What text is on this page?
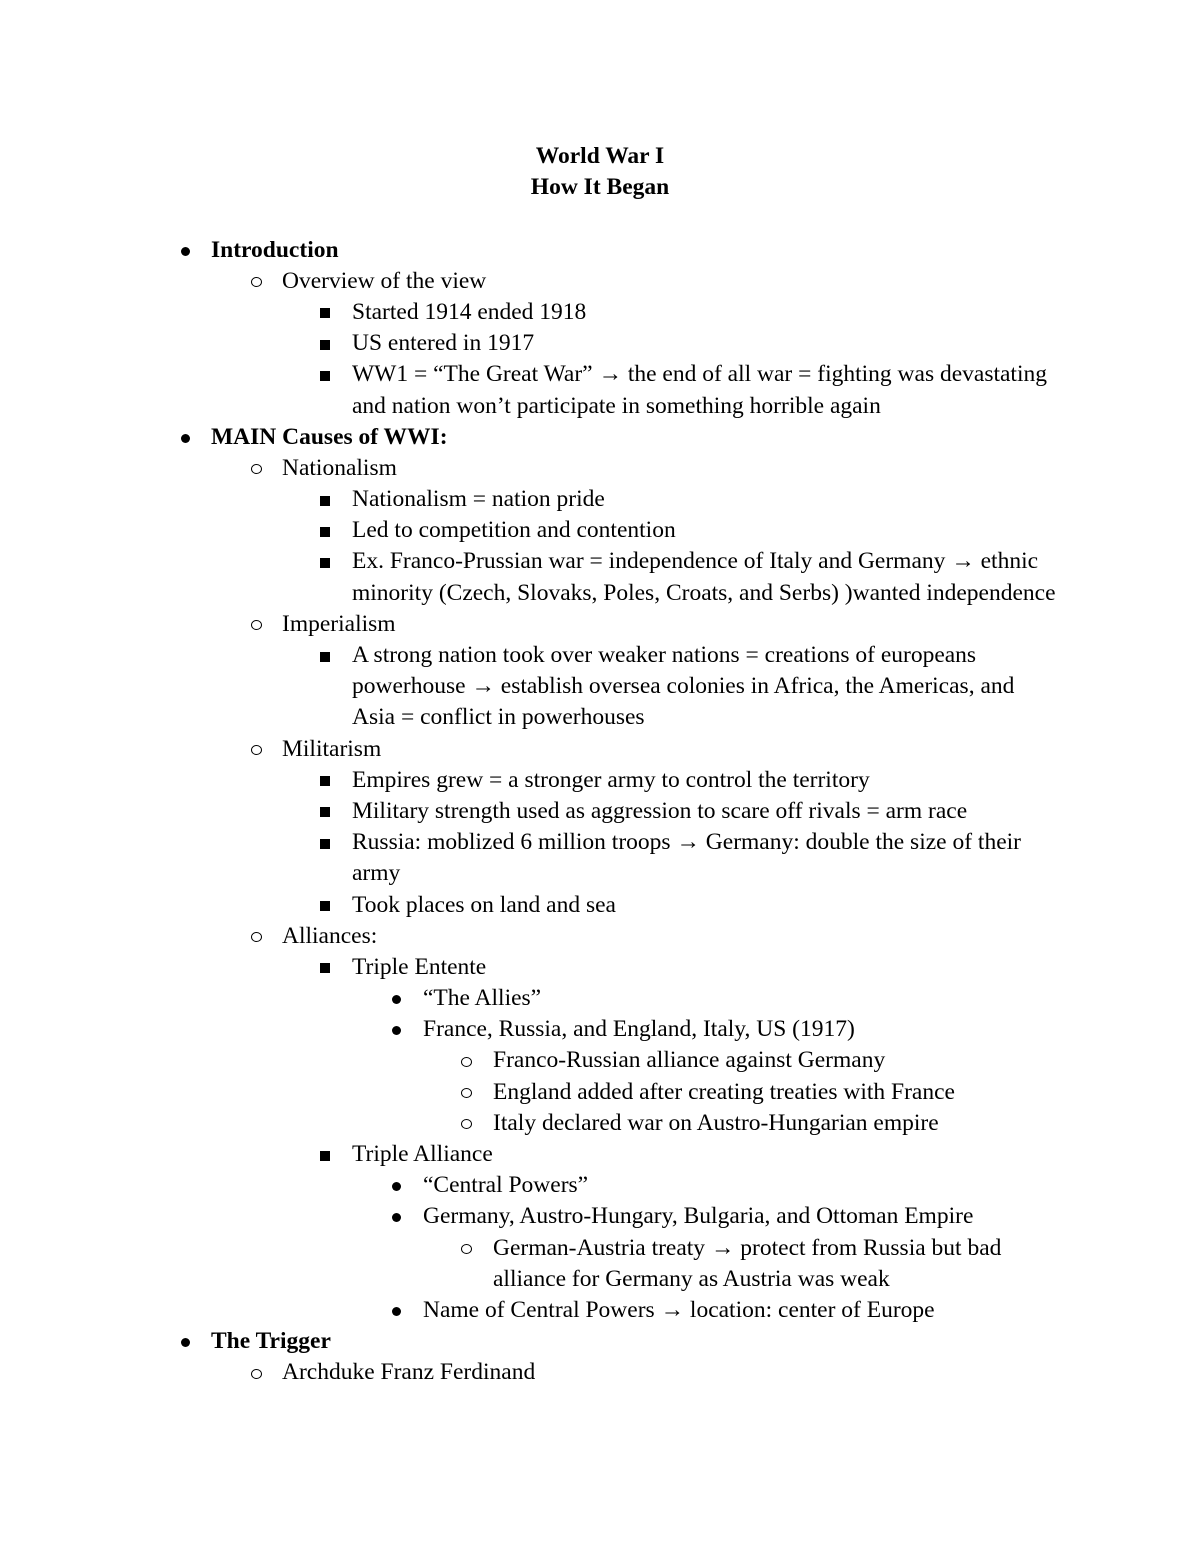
World War I
How It Began
Introduction
Overview of the view
Started 1914 ended 1918
US entered in 1917
WW1 = “The Great War” → the end of all war = fighting was devastating
and nation won’t participate in something horrible again
MAIN Causes of WWI:
Nationalism
Nationalism = nation pride
Led to competition and contention
Ex. Franco-Prussian war = independence of Italy and Germany → ethnic
minority (Czech, Slovaks, Poles, Croats, and Serbs) )wanted independence
Imperialism
A strong nation took over weaker nations = creations of europeans
powerhouse → establish oversea colonies in Africa, the Americas, and
Asia = conflict in powerhouses
Militarism
Empires grew = a stronger army to control the territory
Military strength used as aggression to scare off rivals = arm race
Russia: moblized 6 million troops → Germany: double the size of their
army
Took places on land and sea
Alliances:
Triple Entente
“The Allies”
France, Russia, and England, Italy, US (1917)
Franco-Russian alliance against Germany
England added after creating treaties with France
Italy declared war on Austro-Hungarian empire
Triple Alliance
“Central Powers”
Germany, Austro-Hungary, Bulgaria, and Ottoman Empire
German-Austria treaty → protect from Russia but bad
alliance for Germany as Austria was weak
Name of Central Powers → location: center of Europe
The Trigger
Archduke Franz Ferdinand
